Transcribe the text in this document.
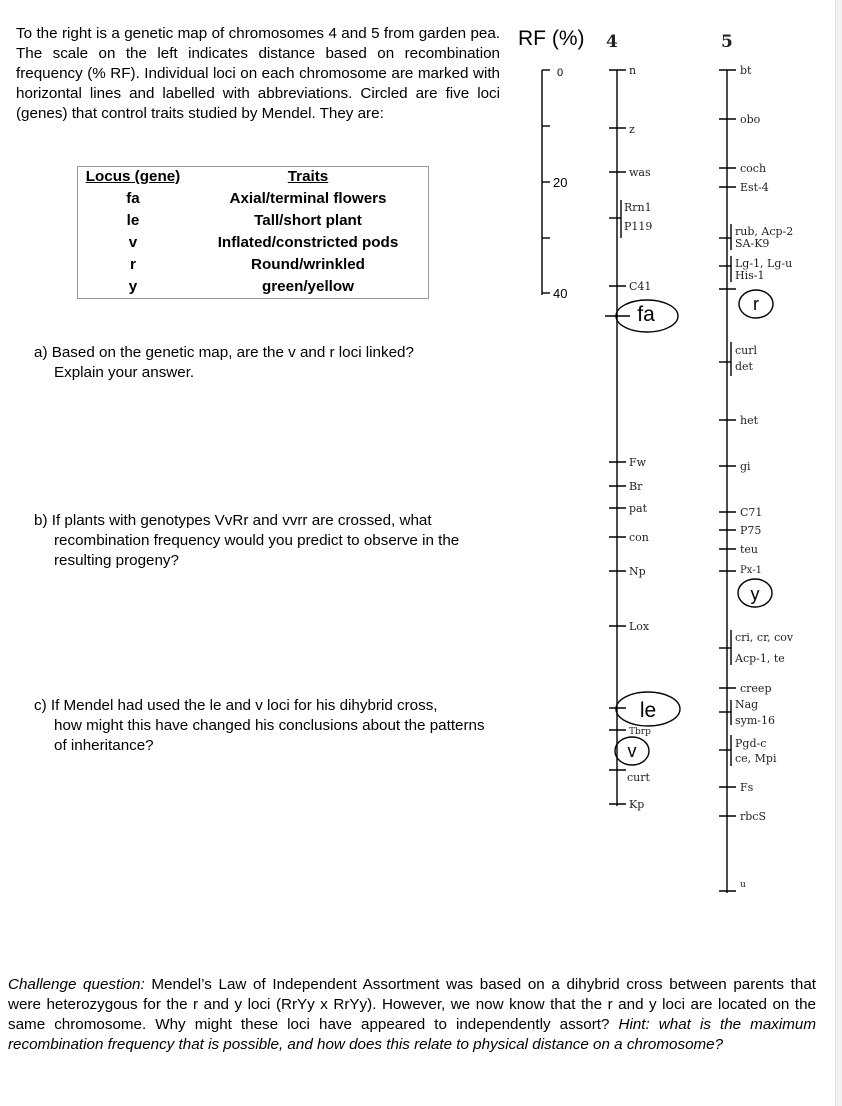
To the right is a genetic map of chromosomes 4 and 5 from garden pea. The scale on the left indicates distance based on recombination frequency (% RF). Individual loci on each chromosome are marked with horizontal lines and labelled with abbreviations. Circled are five loci (genes) that control traits studied by Mendel. They are:
Locus (gene)	Traits
fa	Axial/terminal flowers
le	Tall/short plant
v	Inflated/constricted pods
r	Round/wrinkled
y	green/yellow
a) Based on the genetic map, are the v and r loci linked?
Explain your answer.
b) If plants with genotypes VvRr and vvrr are crossed, what
recombination frequency would you predict to observe in the
resulting progeny?
c) If Mendel had used the le and v loci for his dihybrid cross,
how might this have changed his conclusions about the patterns
of inheritance?
Challenge question: Mendel’s Law of Independent Assortment was based on a dihybrid cross between parents that were heterozygous for the r and y loci (RrYy x RrYy). However, we now know that the r and y loci are located on the same chromosome. Why might these loci have appeared to independently assort? Hint: what is the maximum recombination frequency that is possible, and how does this relate to physical distance on a chromosome?
RF (%)
0
20
40
fa	r
y
le
v
4	5
n
z
was
Rrn1
P119
C41
Fw
Br
pat
con
Np
Lox
Tbrp
curt
Kp
bt
obo
coch
Est-4
rub, Acp-2
SA-K9
Lg-1, Lg-u
His-1
curl
det
het
gi
C71
P75
teu
Px-1
cri, cr, cov
Acp-1, te
creep
Nag
sym-16
Pgd-c
ce, Mpi
Fs
rbcS
u
